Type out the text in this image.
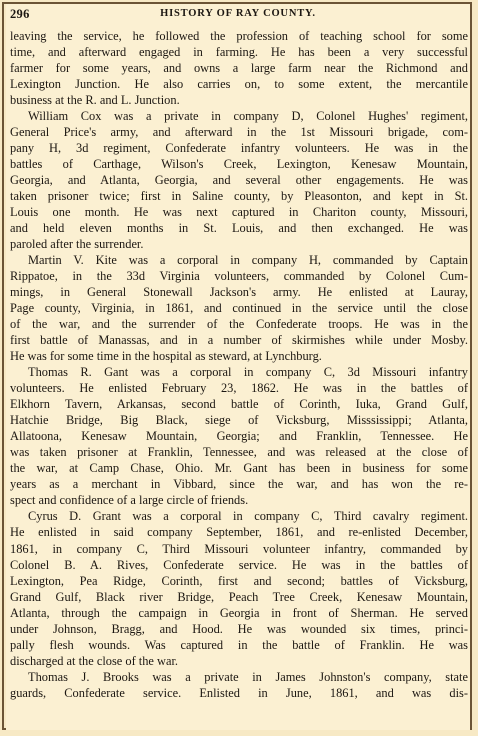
296	HISTORY OF RAY COUNTY.
leaving the service, he followed the profession of teaching school for some
time, and afterward engaged in farming. He has been a very successful
farmer for some years, and owns a large farm near the Richmond and
Lexington Junction. He also carries on, to some extent, the mercantile
business at the R. and L. Junction.
William Cox was a private in company D, Colonel Hughes' regiment,
General Price's army, and afterward in the 1st Missouri brigade, com-
pany H, 3d regiment, Confederate infantry volunteers. He was in the
battles of Carthage, Wilson's Creek, Lexington, Kenesaw Mountain,
Georgia, and Atlanta, Georgia, and several other engagements. He was
taken prisoner twice; first in Saline county, by Pleasonton, and kept in St.
Louis one month. He was next captured in Chariton county, Missouri,
and held eleven months in St. Louis, and then exchanged. He was
paroled after the surrender.
Martin V. Kite was a corporal in company H, commanded by Captain
Rippatoe, in the 33d Virginia volunteers, commanded by Colonel Cum-
mings, in General Stonewall Jackson's army. He enlisted at Lauray,
Page county, Virginia, in 1861, and continued in the service until the close
of the war, and the surrender of the Confederate troops. He was in the
first battle of Manassas, and in a number of skirmishes while under Mosby.
He was for some time in the hospital as steward, at Lynchburg.
Thomas R. Gant was a corporal in company C, 3d Missouri infantry
volunteers. He enlisted February 23, 1862. He was in the battles of
Elkhorn Tavern, Arkansas, second battle of Corinth, Iuka, Grand Gulf,
Hatchie Bridge, Big Black, siege of Vicksburg, Misssissippi; Atlanta,
Allatoona, Kenesaw Mountain, Georgia; and Franklin, Tennessee. He
was taken prisoner at Franklin, Tennessee, and was released at the close of
the war, at Camp Chase, Ohio. Mr. Gant has been in business for some
years as a merchant in Vibbard, since the war, and has won the re-
spect and confidence of a large circle of friends.
Cyrus D. Grant was a corporal in company C, Third cavalry regiment.
He enlisted in said company September, 1861, and re-enlisted December,
1861, in company C, Third Missouri volunteer infantry, commanded by
Colonel B. A. Rives, Confederate service. He was in the battles of
Lexington, Pea Ridge, Corinth, first and second; battles of Vicksburg,
Grand Gulf, Black river Bridge, Peach Tree Creek, Kenesaw Mountain,
Atlanta, through the campaign in Georgia in front of Sherman. He served
under Johnson, Bragg, and Hood. He was wounded six times, princi-
pally flesh wounds. Was captured in the battle of Franklin. He was
discharged at the close of the war.
Thomas J. Brooks was a private in James Johnston's company, state
guards, Confederate service. Enlisted in June, 1861, and was dis-
